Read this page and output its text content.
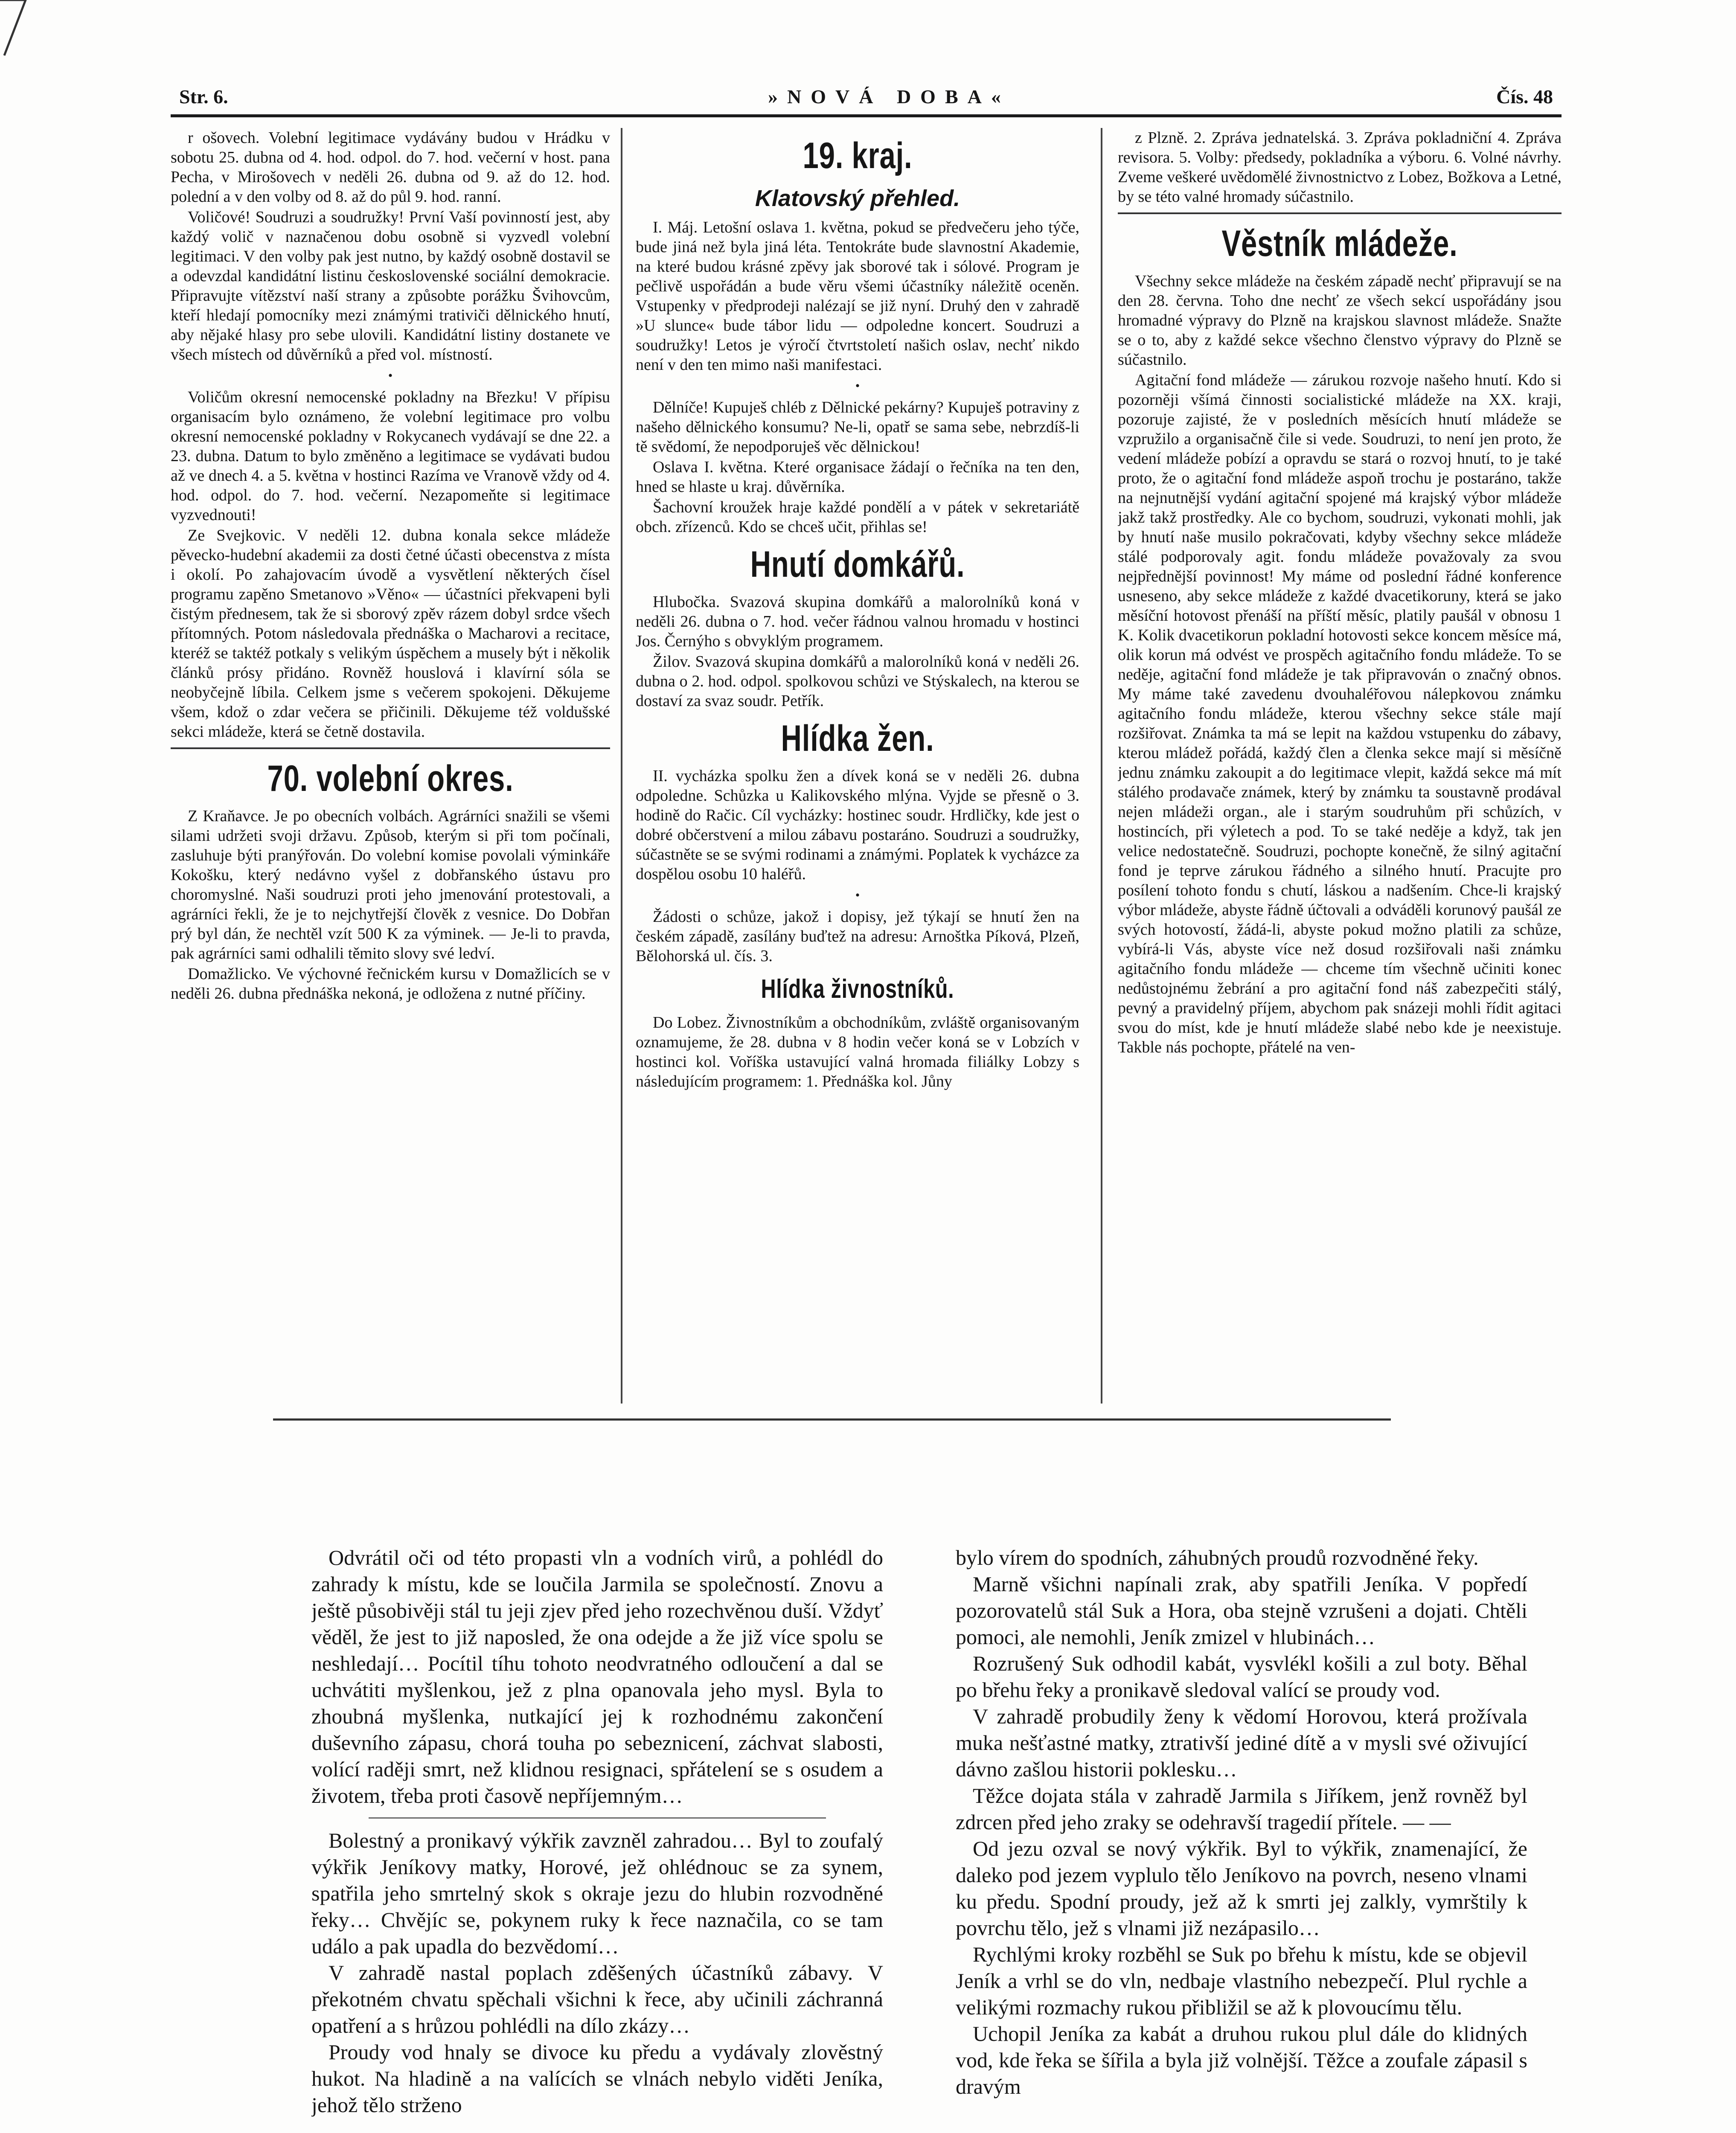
Str. 6.	»NOVÁ DOBA«	Čís. 48

r ošovech. Volební legitimace vydávány budou v Hrádku v sobotu 25. dubna od 4. hod. odpol. do 7. hod. večerní v host. pana Pecha, v Mirošovech v neděli 26. dubna od 9. až do 12. hod. polední a v den volby od 8. až do půl 9. hod. ranní.

Voličové! Soudruzi a soudružky! První Vaší povinností jest, aby každý volič v naznačenou dobu osobně si vyzvedl volební legitimaci. V den volby pak jest nutno, by každý osobně dostavil se a odevzdal kandidátní listinu československé sociální demokracie. Připravujte vítězství naší strany a způsobte porážku Švihovcům, kteří hledají pomocníky mezi známými trativiči dělnického hnutí, aby nějaké hlasy pro sebe ulovili. Kandidátní listiny dostanete ve všech místech od důvěrníků a před vol. místností.

•

Voličům okresní nemocenské pokladny na Březku! V přípisu organisacím bylo oznámeno, že volební legitimace pro volbu okresní nemocenské pokladny v Rokycanech vydávají se dne 22. a 23. dubna. Datum to bylo změněno a legitimace se vydávati budou až ve dnech 4. a 5. května v hostinci Razíma ve Vranově vždy od 4. hod. odpol. do 7. hod. večerní. Nezapomeňte si legitimace vyzvednouti!

Ze Svejkovic. V neděli 12. dubna konala sekce mládeže pěvecko-hudební akademii za dosti četné účasti obecenstva z místa i okolí. Po zahajovacím úvodě a vysvětlení některých čísel programu zapěno Smetanovo »Věno« — účastníci překvapeni byli čistým přednesem, tak že si sborový zpěv rázem dobyl srdce všech přítomných. Potom následovala přednáška o Macharovi a recitace, kteréž se taktéž potkaly s velikým úspěchem a musely být i několik článků prósy přidáno. Rovněž houslová i klavírní sóla se neobyčejně líbila. Celkem jsme s večerem spokojeni. Děkujeme všem, kdož o zdar večera se přičinili. Děkujeme též voldušské sekci mládeže, která se četně dostavila.

70. volební okres.

Z Kraňavce. Je po obecních volbách. Agrárníci snažili se všemi silami udržeti svoji državu. Způsob, kterým si při tom počínali, zasluhuje býti pranýřován. Do volební komise povolali výminkáře Kokošku, který nedávno vyšel z dobřanského ústavu pro choromyslné. Naši soudruzi proti jeho jmenování protestovali, a agrárníci řekli, že je to nejchytřejší člověk z vesnice. Do Dobřan prý byl dán, že nechtěl vzít 500 K za výminek. — Je-li to pravda, pak agrárníci sami odhalili těmito slovy své ledví.

Domažlicko. Ve výchovné řečnickém kursu v Domažlicích se v neděli 26. dubna přednáška nekoná, je odložena z nutné příčiny.

19. kraj.
Klatovský přehled.

I. Máj. Letošní oslava 1. května, pokud se předvečeru jeho týče, bude jiná než byla jiná léta. Tentokráte bude slavnostní Akademie, na které budou krásné zpěvy jak sborové tak i sólové. Program je pečlivě uspořádán a bude věru všemi účastníky náležitě oceněn. Vstupenky v předprodeji nalézají se již nyní. Druhý den v zahradě »U slunce« bude tábor lidu — odpoledne koncert. Soudruzi a soudružky! Letos je výročí čtvrtstoletí našich oslav, nechť nikdo není v den ten mimo naši manifestaci.

•

Dělníče! Kupuješ chléb z Dělnické pekárny? Kupuješ potraviny z našeho dělnického konsumu? Ne-li, opatř se sama sebe, nebrzdíš-li tě svědomí, že nepodporuješ věc dělnickou!

Oslava I. května. Které organisace žádají o řečníka na ten den, hned se hlaste u kraj. důvěrníka.

Šachovní kroužek hraje každé pondělí a v pátek v sekretariátě obch. zřízenců. Kdo se chceš učit, přihlas se!

Hnutí domkářů.

Hlubočka. Svazová skupina domkářů a malorolníků koná v neděli 26. dubna o 7. hod. večer řádnou valnou hromadu v hostinci Jos. Černýho s obvyklým programem.

Žilov. Svazová skupina domkářů a malorolníků koná v neděli 26. dubna o 2. hod. odpol. spolkovou schůzi ve Stýskalech, na kterou se dostaví za svaz soudr. Petřík.

Hlídka žen.

II. vycházka spolku žen a dívek koná se v neděli 26. dubna odpoledne. Schůzka u Kalikovského mlýna. Vyjde se přesně o 3. hodině do Račic. Cíl vycházky: hostinec soudr. Hrdličky, kde jest o dobré občerstvení a milou zábavu postaráno. Soudruzi a soudružky, súčastněte se se svými rodinami a známými. Poplatek k vycházce za dospělou osobu 10 haléřů.

•

Žádosti o schůze, jakož i dopisy, jež týkají se hnutí žen na českém západě, zasílány buďtež na adresu: Arnoštka Píková, Plzeň, Bělohorská ul. čís. 3.

Hlídka živnostníků.

Do Lobez. Živnostníkům a obchodníkům, zvláště organisovaným oznamujeme, že 28. dubna v 8 hodin večer koná se v Lobzích v hostinci kol. Voříška ustavující valná hromada filiálky Lobzy s následujícím programem: 1. Přednáška kol. Jůny

z Plzně. 2. Zpráva jednatelská. 3. Zpráva pokladniční 4. Zpráva revisora. 5. Volby: předsedy, pokladníka a výboru. 6. Volné návrhy. Zveme veškeré uvědomělé živnostnictvo z Lobez, Božkova a Letné, by se této valné hromady súčastnilo.

Věstník mládeže.

Všechny sekce mládeže na českém západě nechť připravují se na den 28. června. Toho dne nechť ze všech sekcí uspořádány jsou hromadné výpravy do Plzně na krajskou slavnost mládeže. Snažte se o to, aby z každé sekce všechno členstvo výpravy do Plzně se súčastnilo.

Agitační fond mládeže — zárukou rozvoje našeho hnutí. Kdo si pozorněji všímá činnosti socialistické mládeže na XX. kraji, pozoruje zajisté, že v posledních měsících hnutí mládeže se vzpružilo a organisačně čile si vede. Soudruzi, to není jen proto, že vedení mládeže pobízí a opravdu se stará o rozvoj hnutí, to je také proto, že o agitační fond mládeže aspoň trochu je postaráno, takže na nejnutnější vydání agitační spojené má krajský výbor mládeže jakž takž prostředky. Ale co bychom, soudruzi, vykonati mohli, jak by hnutí naše musilo pokračovati, kdyby všechny sekce mládeže stálé podporovaly agit. fondu mládeže považovaly za svou nejpřednější povinnost! My máme od poslední řádné konference usneseno, aby sekce mládeže z každé dvacetikoruny, která se jako měsíční hotovost přenáší na příští měsíc, platily paušál v obnosu 1 K. Kolik dvacetikorun pokladní hotovosti sekce koncem měsíce má, olik korun má odvést ve prospěch agitačního fondu mládeže. To se neděje, agitační fond mládeže je tak připravován o značný obnos. My máme také zavedenu dvouhaléřovou nálepkovou známku agitačního fondu mládeže, kterou všechny sekce stále mají rozšiřovat. Známka ta má se lepit na každou vstupenku do zábavy, kterou mládež pořádá, každý člen a členka sekce mají si měsíčně jednu známku zakoupit a do legitimace vlepit, každá sekce má mít stálého prodavače známek, který by známku ta soustavně prodával nejen mládeži organ., ale i starým soudruhům při schůzích, v hostincích, při výletech a pod. To se také neděje a když, tak jen velice nedostatečně. Soudruzi, pochopte konečně, že silný agitační fond je teprve zárukou řádného a silného hnutí. Pracujte pro posílení tohoto fondu s chutí, láskou a nadšením. Chce-li krajský výbor mládeže, abyste řádně účtovali a odváděli korunový paušál ze svých hotovostí, žádá-li, abyste pokud možno platili za schůze, vybírá-li Vás, abyste více než dosud rozšiřovali naši známku agitačního fondu mládeže — chceme tím všechně učiniti konec nedůstojnému žebrání a pro agitační fond náš zabezpečiti stálý, pevný a pravidelný příjem, abychom pak snázeji mohli řídit agitaci svou do míst, kde je hnutí mládeže slabé nebo kde je neexistuje. Takble nás pochopte, přátelé na ven-

Odvrátil oči od této propasti vln a vodních virů, a pohlédl do zahrady k místu, kde se loučila Jarmila se společností. Znovu a ještě působivěji stál tu jeji zjev před jeho rozechvěnou duší. Vždyť věděl, že jest to již naposled, že ona odejde a že již více spolu se neshledají… Pocítil tíhu tohoto neodvratného odloučení a dal se uchvátiti myšlenkou, jež z plna opanovala jeho mysl. Byla to zhoubná myšlenka, nutkající jej k rozhodnému zakončení duševního zápasu, chorá touha po sebeznicení, záchvat slabosti, volící raději smrt, než klidnou resignaci, spřátelení se s osudem a životem, třeba proti časově nepříjemným…

Bolestný a pronikavý výkřik zavzněl zahradou… Byl to zoufalý výkřik Jeníkovy matky, Horové, jež ohlédnouc se za synem, spatřila jeho smrtelný skok s okraje jezu do hlubin rozvodněné řeky… Chvějíc se, pokynem ruky k řece naznačila, co se tam událo a pak upadla do bezvědomí…

V zahradě nastal poplach zděšených účastníků zábavy. V překotném chvatu spěchali všichni k řece, aby učinili záchranná opatření a s hrůzou pohlédli na dílo zkázy…

Proudy vod hnaly se divoce ku předu a vydávaly zlověstný hukot. Na hladině a na valících se vlnách nebylo viděti Jeníka, jehož tělo strženo

bylo vírem do spodních, záhubných proudů rozvodněné řeky.

Marně všichni napínali zrak, aby spatřili Jeníka. V popředí pozorovatelů stál Suk a Hora, oba stejně vzrušeni a dojati. Chtěli pomoci, ale nemohli, Jeník zmizel v hlubinách…

Rozrušený Suk odhodil kabát, vysvlékl košili a zul boty. Běhal po břehu řeky a pronikavě sledoval valící se proudy vod.

V zahradě probudily ženy k vědomí Horovou, která prožívala muka nešťastné matky, ztrativší jediné dítě a v mysli své oživující dávno zašlou historii poklesku…

Těžce dojata stála v zahradě Jarmila s Jiříkem, jenž rovněž byl zdrcen před jeho zraky se odehravší tragedií přítele. — —

Od jezu ozval se nový výkřik. Byl to výkřik, znamenající, že daleko pod jezem vyplulo tělo Jeníkovo na povrch, neseno vlnami ku předu. Spodní proudy, jež až k smrti jej zalkly, vymrštily k povrchu tělo, jež s vlnami již nezápasilo…

Rychlými kroky rozběhl se Suk po břehu k místu, kde se objevil Jeník a vrhl se do vln, nedbaje vlastního nebezpečí. Plul rychle a velikými rozmachy rukou přibližil se až k plovoucímu tělu.

Uchopil Jeníka za kabát a druhou rukou plul dále do klidných vod, kde řeka se šířila a byla již volnější. Těžce a zoufale zápasil s dravým
